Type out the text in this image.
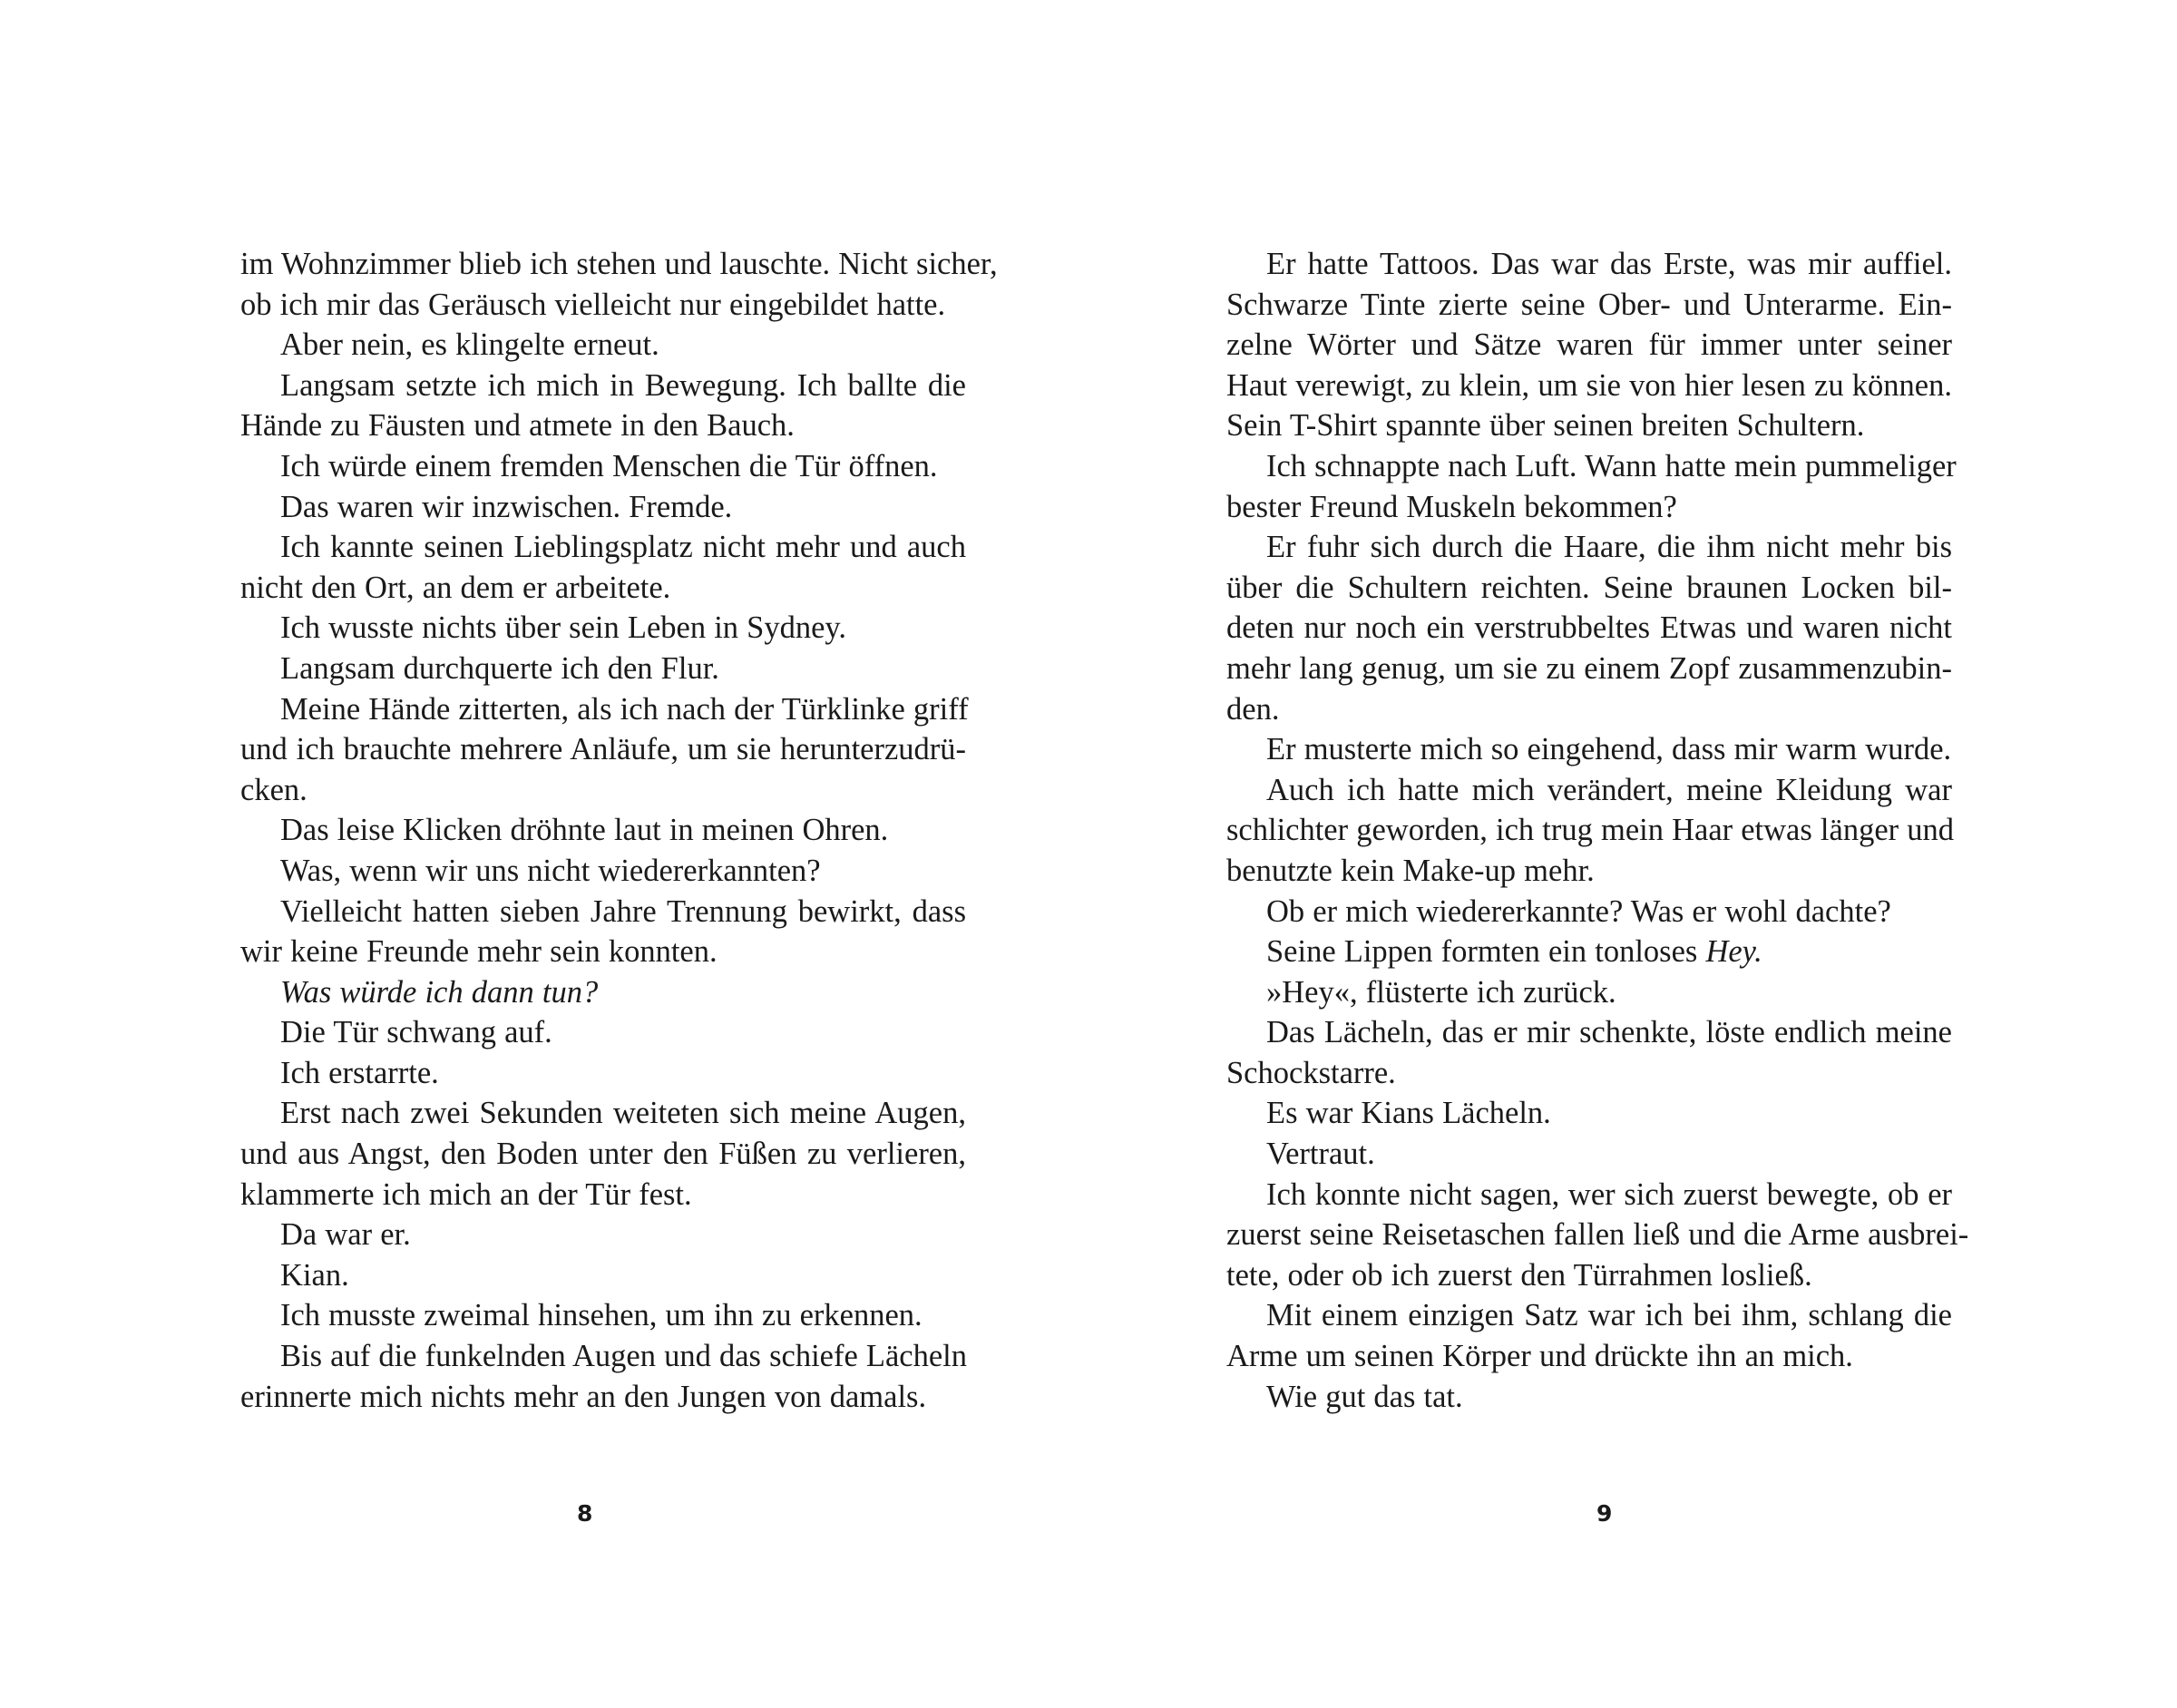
im Wohnzimmer blieb ich stehen und lauschte. Nicht sicher,
ob ich mir das Geräusch vielleicht nur eingebildet hatte.
Aber nein, es klingelte erneut.
Langsam setzte ich mich in Bewegung. Ich ballte die
Hände zu Fäusten und atmete in den Bauch.
Ich würde einem fremden Menschen die Tür öffnen.
Das waren wir inzwischen. Fremde.
Ich kannte seinen Lieblingsplatz nicht mehr und auch
nicht den Ort, an dem er arbeitete.
Ich wusste nichts über sein Leben in Sydney.
Langsam durchquerte ich den Flur.
Meine Hände zitterten, als ich nach der Türklinke griff
und ich brauchte mehrere Anläufe, um sie herunterzudrü-
cken.
Das leise Klicken dröhnte laut in meinen Ohren.
Was, wenn wir uns nicht wiedererkannten?
Vielleicht hatten sieben Jahre Trennung bewirkt, dass
wir keine Freunde mehr sein konnten.
Was würde ich dann tun?
Die Tür schwang auf.
Ich erstarrte.
Erst nach zwei Sekunden weiteten sich meine Augen,
und aus Angst, den Boden unter den Füßen zu verlieren,
klammerte ich mich an der Tür fest.
Da war er.
Kian.
Ich musste zweimal hinsehen, um ihn zu erkennen.
Bis auf die funkelnden Augen und das schiefe Lächeln
erinnerte mich nichts mehr an den Jungen von damals.
8
Er hatte Tattoos. Das war das Erste, was mir auffiel.
Schwarze Tinte zierte seine Ober- und Unterarme. Ein-
zelne Wörter und Sätze waren für immer unter seiner
Haut verewigt, zu klein, um sie von hier lesen zu können.
Sein T-Shirt spannte über seinen breiten Schultern.
Ich schnappte nach Luft. Wann hatte mein pummeliger
bester Freund Muskeln bekommen?
Er fuhr sich durch die Haare, die ihm nicht mehr bis
über die Schultern reichten. Seine braunen Locken bil-
deten nur noch ein verstrubbeltes Etwas und waren nicht
mehr lang genug, um sie zu einem Zopf zusammenzubin-
den.
Er musterte mich so eingehend, dass mir warm wurde.
Auch ich hatte mich verändert, meine Kleidung war
schlichter geworden, ich trug mein Haar etwas länger und
benutzte kein Make-up mehr.
Ob er mich wiedererkannte? Was er wohl dachte?
Seine Lippen formten ein tonloses Hey.
»Hey«, flüsterte ich zurück.
Das Lächeln, das er mir schenkte, löste endlich meine
Schockstarre.
Es war Kians Lächeln.
Vertraut.
Ich konnte nicht sagen, wer sich zuerst bewegte, ob er
zuerst seine Reisetaschen fallen ließ und die Arme ausbrei-
tete, oder ob ich zuerst den Türrahmen losließ.
Mit einem einzigen Satz war ich bei ihm, schlang die
Arme um seinen Körper und drückte ihn an mich.
Wie gut das tat.
9
